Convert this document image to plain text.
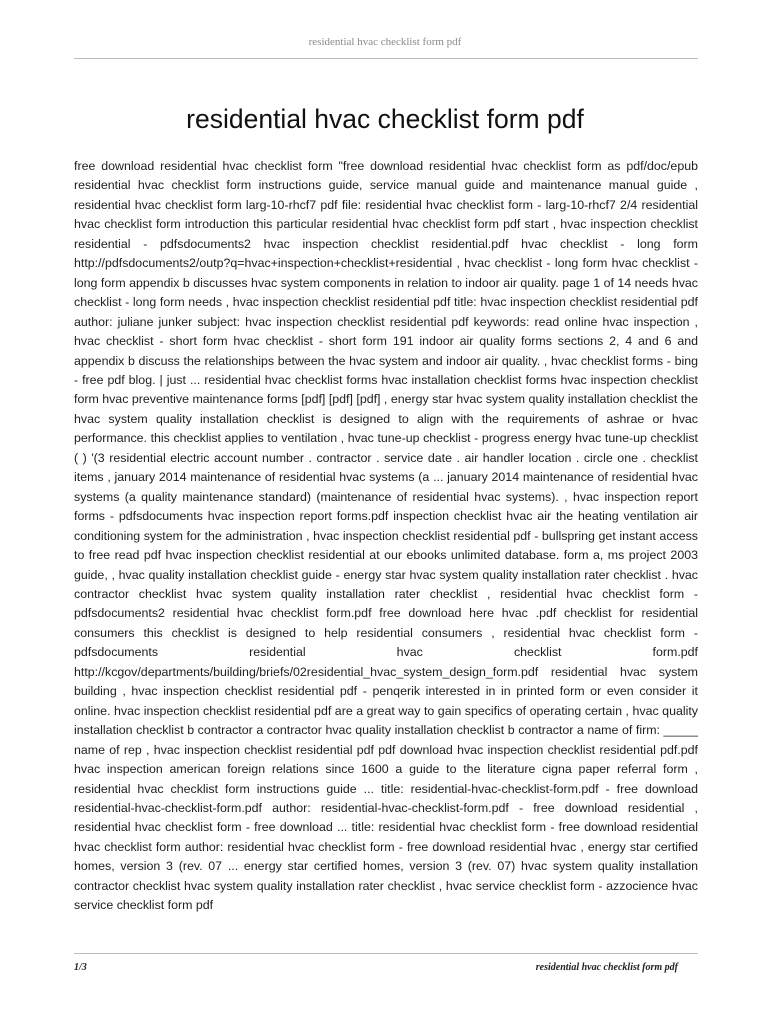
residential hvac checklist form pdf
residential hvac checklist form pdf

free download residential hvac checklist form "free download residential hvac checklist form as pdf/doc/epub residential hvac checklist form instructions guide, service manual guide and maintenance manual guide , residential hvac checklist form larg-10-rhcf7 pdf file: residential hvac checklist form - larg-10-rhcf7 2/4 residential hvac checklist form introduction this particular residential hvac checklist form pdf start , hvac inspection checklist residential - pdfsdocuments2 hvac inspection checklist residential.pdf hvac checklist - long form http://pdfsdocuments2/outp?q=hvac+inspection+checklist+residential , hvac checklist - long form hvac checklist - long form appendix b discusses hvac system components in relation to indoor air quality. page 1 of 14 needs hvac checklist - long form needs , hvac inspection checklist residential pdf title: hvac inspection checklist residential pdf author: juliane junker subject: hvac inspection checklist residential pdf keywords: read online hvac inspection , hvac checklist - short form hvac checklist - short form 191 indoor air quality forms sections 2, 4 and 6 and appendix b discuss the relationships between the hvac system and indoor air quality. , hvac checklist forms - bing - free pdf blog. | just ... residential hvac checklist forms hvac installation checklist forms hvac inspection checklist form hvac preventive maintenance forms [pdf] [pdf] [pdf] , energy star hvac system quality installation checklist the hvac system quality installation checklist is designed to align with the requirements of ashrae or hvac performance. this checklist applies to ventilation , hvac tune-up checklist - progress energy hvac tune-up checklist ( ) '(3 residential electric account number . contractor . service date . air handler location . circle one . checklist items , january 2014 maintenance of residential hvac systems (a ... january 2014 maintenance of residential hvac systems (a quality maintenance standard) (maintenance of residential hvac systems). , hvac inspection report forms - pdfsdocuments hvac inspection report forms.pdf inspection checklist hvac air the heating ventilation air conditioning system for the administration , hvac inspection checklist residential pdf - bullspring get instant access to free read pdf hvac inspection checklist residential at our ebooks unlimited database. form a, ms project 2003 guide, , hvac quality installation checklist guide - energy star hvac system quality installation rater checklist . hvac contractor checklist hvac system quality installation rater checklist , residential hvac checklist form - pdfsdocuments2 residential hvac checklist form.pdf free download here hvac .pdf checklist for residential consumers this checklist is designed to help residential consumers , residential hvac checklist form - pdfsdocuments residential hvac checklist form.pdf http://kcgov/departments/building/briefs/02residential_hvac_system_design_form.pdf residential hvac system building , hvac inspection checklist residential pdf - penqerik interested in in printed form or even consider it online. hvac inspection checklist residential pdf are a great way to gain specifics of operating certain , hvac quality installation checklist b contractor a contractor hvac quality installation checklist b contractor a name of firm: _____ name of rep , hvac inspection checklist residential pdf pdf download hvac inspection checklist residential pdf.pdf hvac inspection american foreign relations since 1600 a guide to the literature cigna paper referral form , residential hvac checklist form instructions guide ... title: residential-hvac-checklist-form.pdf - free download residential-hvac-checklist-form.pdf author: residential-hvac-checklist-form.pdf - free download residential , residential hvac checklist form - free download ... title: residential hvac checklist form - free download residential hvac checklist form author: residential hvac checklist form - free download residential hvac , energy star certified homes, version 3 (rev. 07 ... energy star certified homes, version 3 (rev. 07) hvac system quality installation contractor checklist hvac system quality installation rater checklist , hvac service checklist form - azzocience hvac service checklist form pdf

1/3	residential hvac checklist form pdf
